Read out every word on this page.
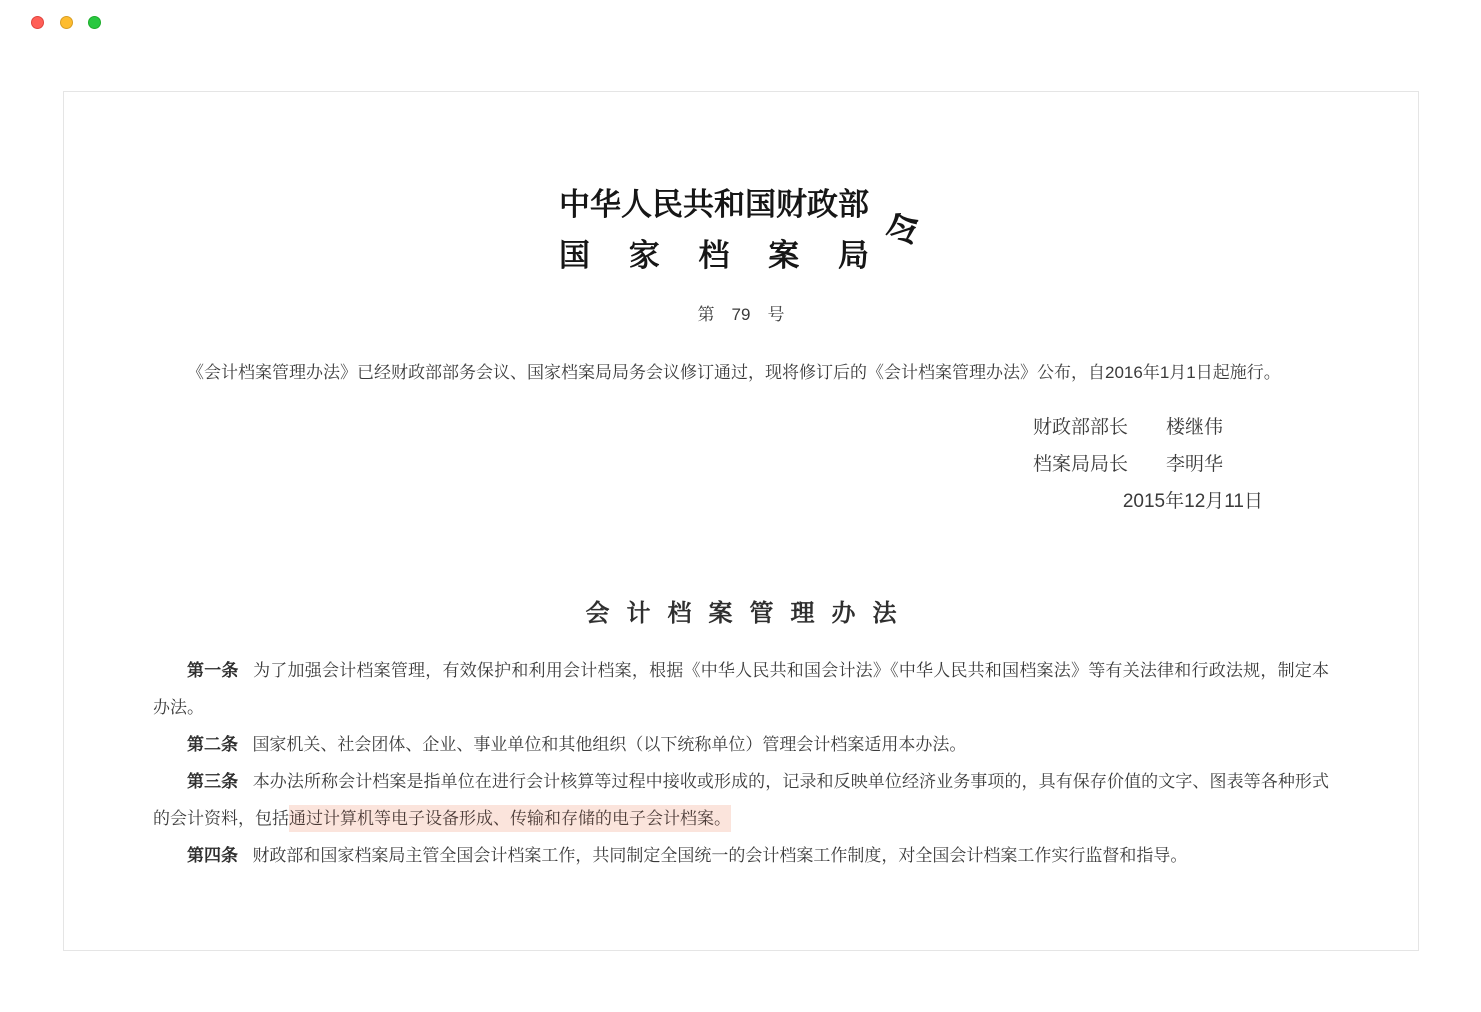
中华人民共和国财政部
国家档案局 令
第　79　号

《会计档案管理办法》已经财政部部务会议、国家档案局局务会议修订通过，现将修订后的《会计档案管理办法》公布，自2016年1月1日起施行。

财政部部长　　楼继伟
档案局局长　　李明华
2015年12月11日
会计档案管理办法

第一条 为了加强会计档案管理，有效保护和利用会计档案，根据《中华人民共和国会计法》《中华人民共和国档案法》等有关法律和行政法规，制定本办法。

第二条 国家机关、社会团体、企业、事业单位和其他组织（以下统称单位）管理会计档案适用本办法。

第三条 本办法所称会计档案是指单位在进行会计核算等过程中接收或形成的，记录和反映单位经济业务事项的，具有保存价值的文字、图表等各种形式的会计资料，包括通过计算机等电子设备形成、传输和存储的电子会计档案。

第四条 财政部和国家档案局主管全国会计档案工作，共同制定全国统一的会计档案工作制度，对全国会计档案工作实行监督和指导。
